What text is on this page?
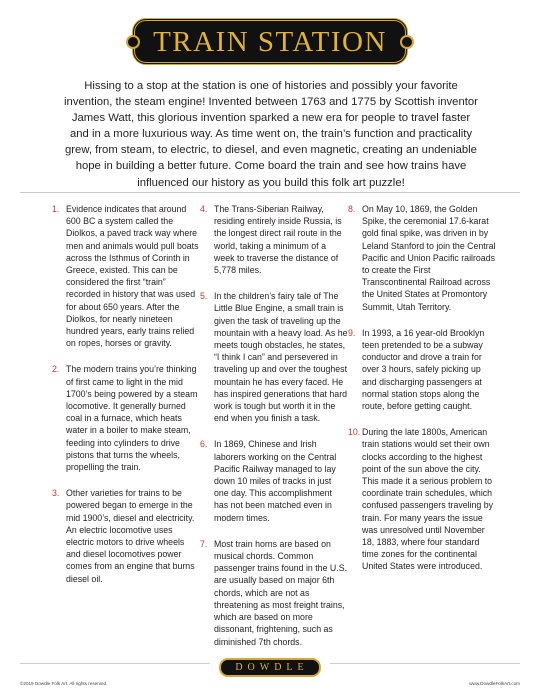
TRAIN STATION

Hissing to a stop at the station is one of histories and possibly your favorite invention, the steam engine! Invented between 1763 and 1775 by Scottish inventor James Watt, this glorious invention sparked a new era for people to travel faster and in a more luxurious way. As time went on, the train’s function and practicality grew, from steam, to electric, to diesel, and even magnetic, creating an undeniable hope in building a better future. Come board the train and see how trains have influenced our history as you build this folk art puzzle!

1. Evidence indicates that around 600 BC a system called the Diolkos, a paved track way where men and animals would pull boats across the Isthmus of Corinth in Greece, existed. This can be considered the first “train” recorded in history that was used for about 650 years. After the Diolkos, for nearly nineteen hundred years, early trains relied on ropes, horses or gravity.
2. The modern trains you’re thinking of first came to light in the mid 1700’s being powered by a steam locomotive. It generally burned coal in a furnace, which heats water in a boiler to make steam, feeding into cylinders to drive pistons that turns the wheels, propelling the train.
3. Other varieties for trains to be powered began to emerge in the mid 1900’s, diesel and electricity. An electric locomotive uses electric motors to drive wheels and diesel locomotives power comes from an engine that burns diesel oil.
4. The Trans-Siberian Railway, residing entirely inside Russia, is the longest direct rail route in the world, taking a minimum of a week to traverse the distance of 5,778 miles.
5. In the children’s fairy tale of The Little Blue Engine, a small train is given the task of traveling up the mountain with a heavy load. As he meets tough obstacles, he states, “I think I can” and persevered in traveling up and over the toughest mountain he has every faced. He has inspired generations that hard work is tough but worth it in the end when you finish a task.
6. In 1869, Chinese and Irish laborers working on the Central Pacific Railway managed to lay down 10 miles of tracks in just one day. This accomplishment has not been matched even in modern times.
7. Most train horns are based on musical chords. Common passenger trains found in the U.S. are usually based on major 6th chords, which are not as threatening as most freight trains, which are based on more dissonant, frightening, such as diminished 7th chords.
8. On May 10, 1869, the Golden Spike, the ceremonial 17.6-karat gold final spike, was driven in by Leland Stanford to join the Central Pacific and Union Pacific railroads to create the First Transcontinental Railroad across the United States at Promontory Summit, Utah Territory.
9. In 1993, a 16 year-old Brooklyn teen pretended to be a subway conductor and drove a train for over 3 hours, safely picking up and discharging passengers at normal station stops along the route, before getting caught.
10. During the late 1800s, American train stations would set their own clocks according to the highest point of the sun above the city. This made it a serious problem to coordinate train schedules, which confused passengers traveling by train. For many years the issue was unresolved until November 18, 1883, where four standard time zones for the continental United States were introduced.
DOWDLE
©2019 Dowdle Folk Art. All rights reserved.	www.DowdleFolkArt.com
